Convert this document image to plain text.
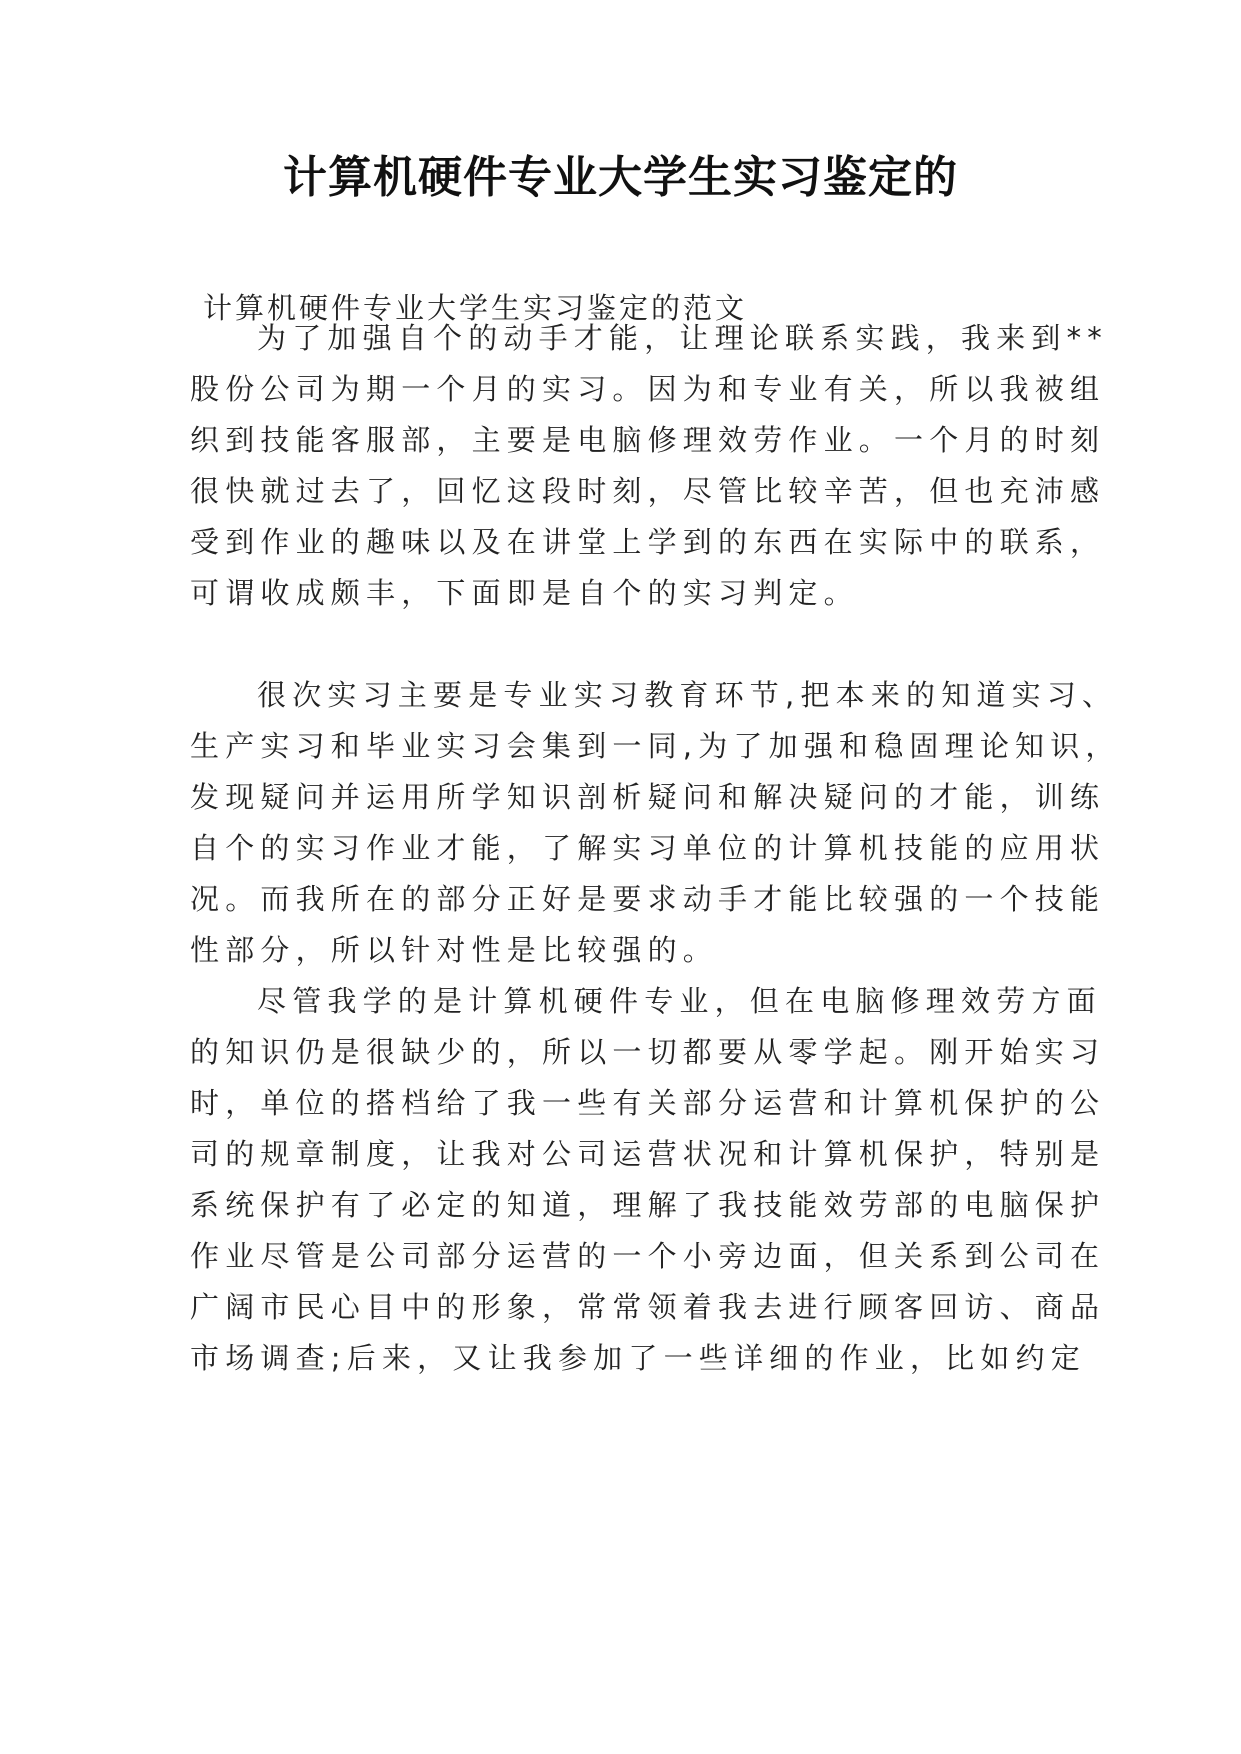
计算机硬件专业大学生实习鉴定的
计算机硬件专业大学生实习鉴定的范文
为了加强自个的动手才能，让理论联系实践，我来到**
股份公司为期一个月的实习。因为和专业有关，所以我被组
织到技能客服部，主要是电脑修理效劳作业。一个月的时刻
很快就过去了，回忆这段时刻，尽管比较辛苦，但也充沛感
受到作业的趣味以及在讲堂上学到的东西在实际中的联系，
可谓收成颇丰，下面即是自个的实习判定。
很次实习主要是专业实习教育环节,把本来的知道实习、
生产实习和毕业实习会集到一同,为了加强和稳固理论知识，
发现疑问并运用所学知识剖析疑问和解决疑问的才能，训练
自个的实习作业才能，了解实习单位的计算机技能的应用状
况。而我所在的部分正好是要求动手才能比较强的一个技能
性部分，所以针对性是比较强的。
尽管我学的是计算机硬件专业，但在电脑修理效劳方面
的知识仍是很缺少的，所以一切都要从零学起。刚开始实习
时，单位的搭档给了我一些有关部分运营和计算机保护的公
司的规章制度，让我对公司运营状况和计算机保护，特别是
系统保护有了必定的知道，理解了我技能效劳部的电脑保护
作业尽管是公司部分运营的一个小旁边面，但关系到公司在
广阔市民心目中的形象，常常领着我去进行顾客回访、商品
市场调查;后来，又让我参加了一些详细的作业，比如约定
